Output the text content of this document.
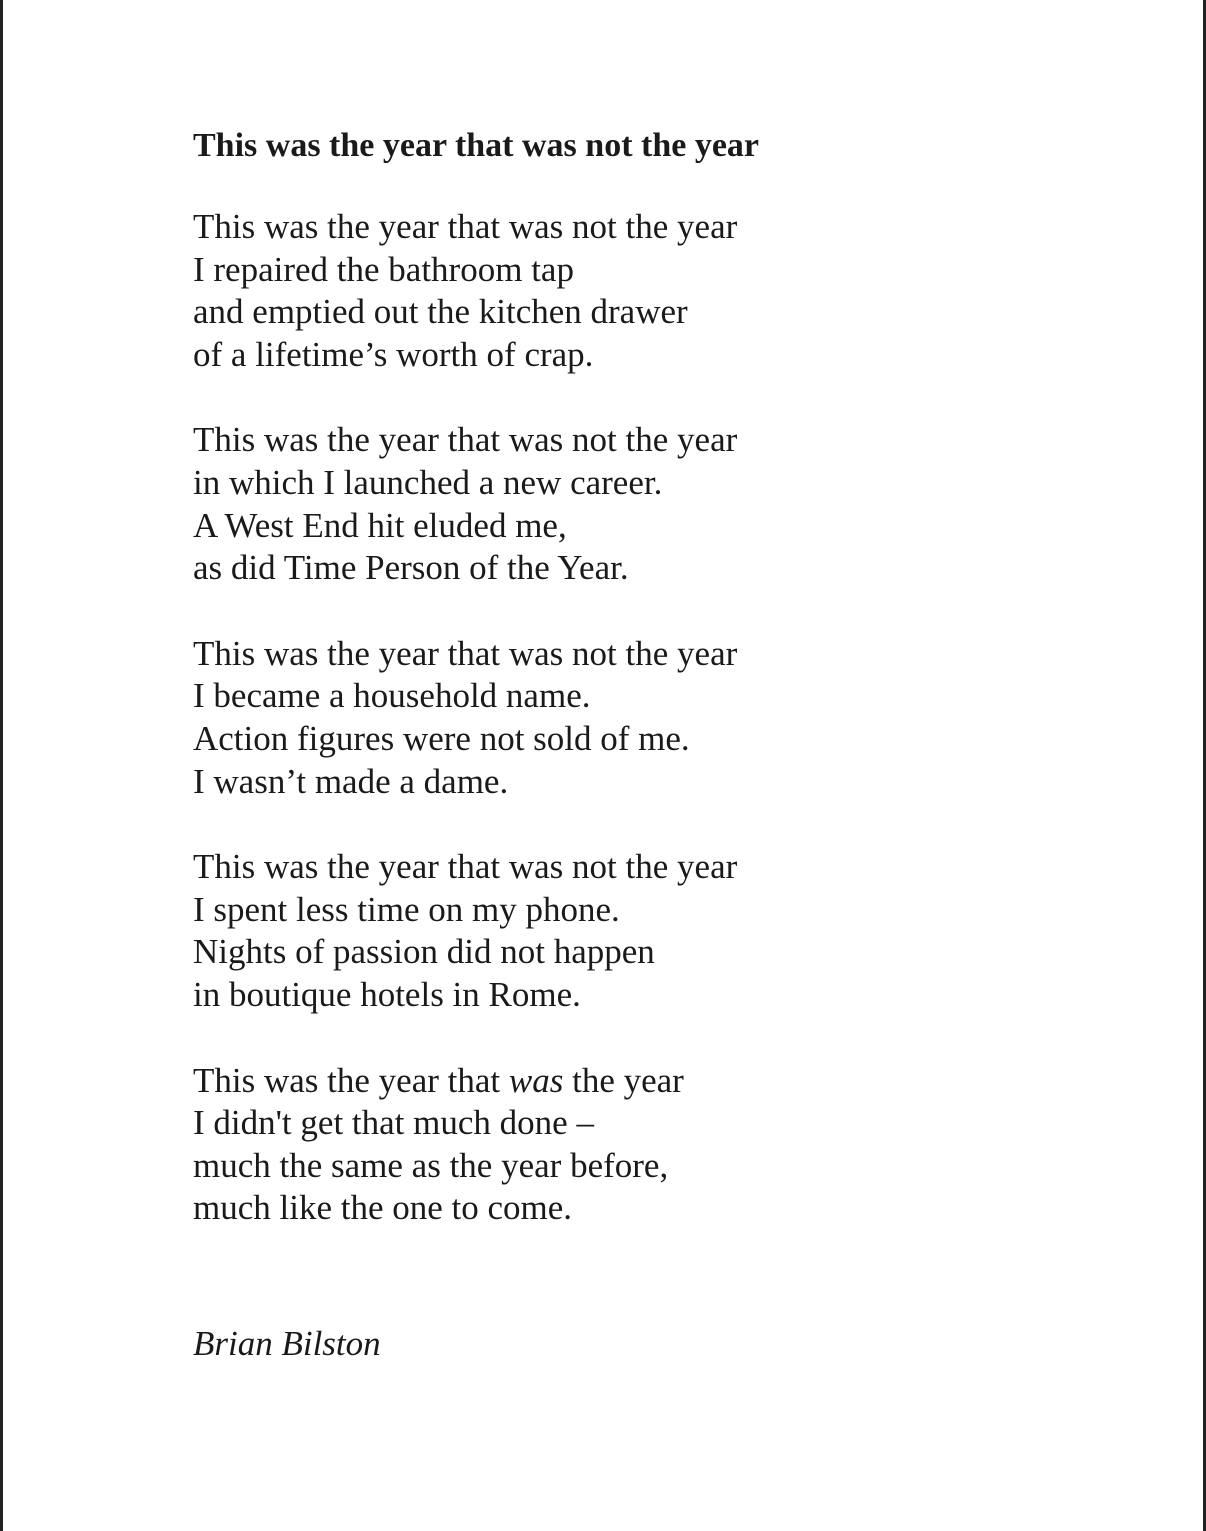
This was the year that was not the year
This was the year that was not the year
I repaired the bathroom tap
and emptied out the kitchen drawer
of a lifetime’s worth of crap.
This was the year that was not the year
in which I launched a new career.
A West End hit eluded me,
as did Time Person of the Year.
This was the year that was not the year
I became a household name.
Action figures were not sold of me.
I wasn’t made a dame.
This was the year that was not the year
I spent less time on my phone.
Nights of passion did not happen
in boutique hotels in Rome.
This was the year that was the year
I didn't get that much done –
much the same as the year before,
much like the one to come.
Brian Bilston
